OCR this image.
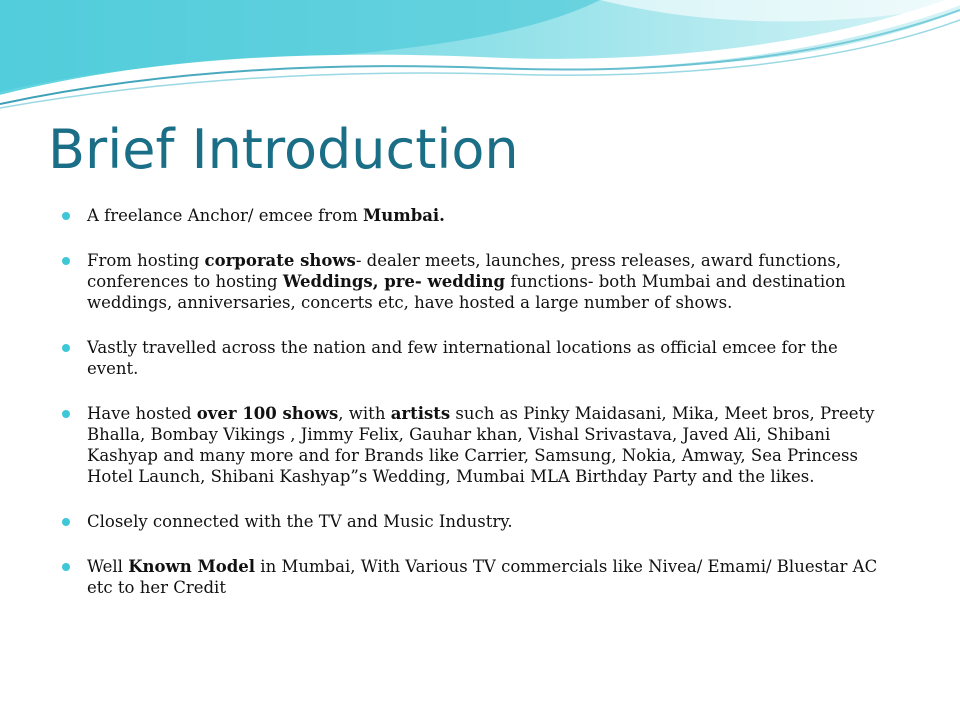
Brief Introduction
A freelance Anchor/ emcee from Mumbai.
From hosting corporate shows- dealer meets, launches, press releases, award functions, conferences to hosting Weddings, pre- wedding functions- both Mumbai and destination weddings, anniversaries, concerts etc, have hosted a large number of shows.
Vastly travelled across the nation and few international locations as official emcee for the event.
Have hosted over 100 shows, with artists such as Pinky Maidasani, Mika, Meet bros, Preety Bhalla, Bombay Vikings , Jimmy Felix, Gauhar khan, Vishal Srivastava, Javed Ali, Shibani Kashyap and many more and for Brands like Carrier, Samsung, Nokia, Amway, Sea Princess Hotel Launch, Shibani Kashyap”s Wedding, Mumbai MLA Birthday Party and the likes.
Closely connected with the TV and Music Industry.
Well Known Model in Mumbai, With Various TV commercials like Nivea/ Emami/ Bluestar AC etc to her Credit
